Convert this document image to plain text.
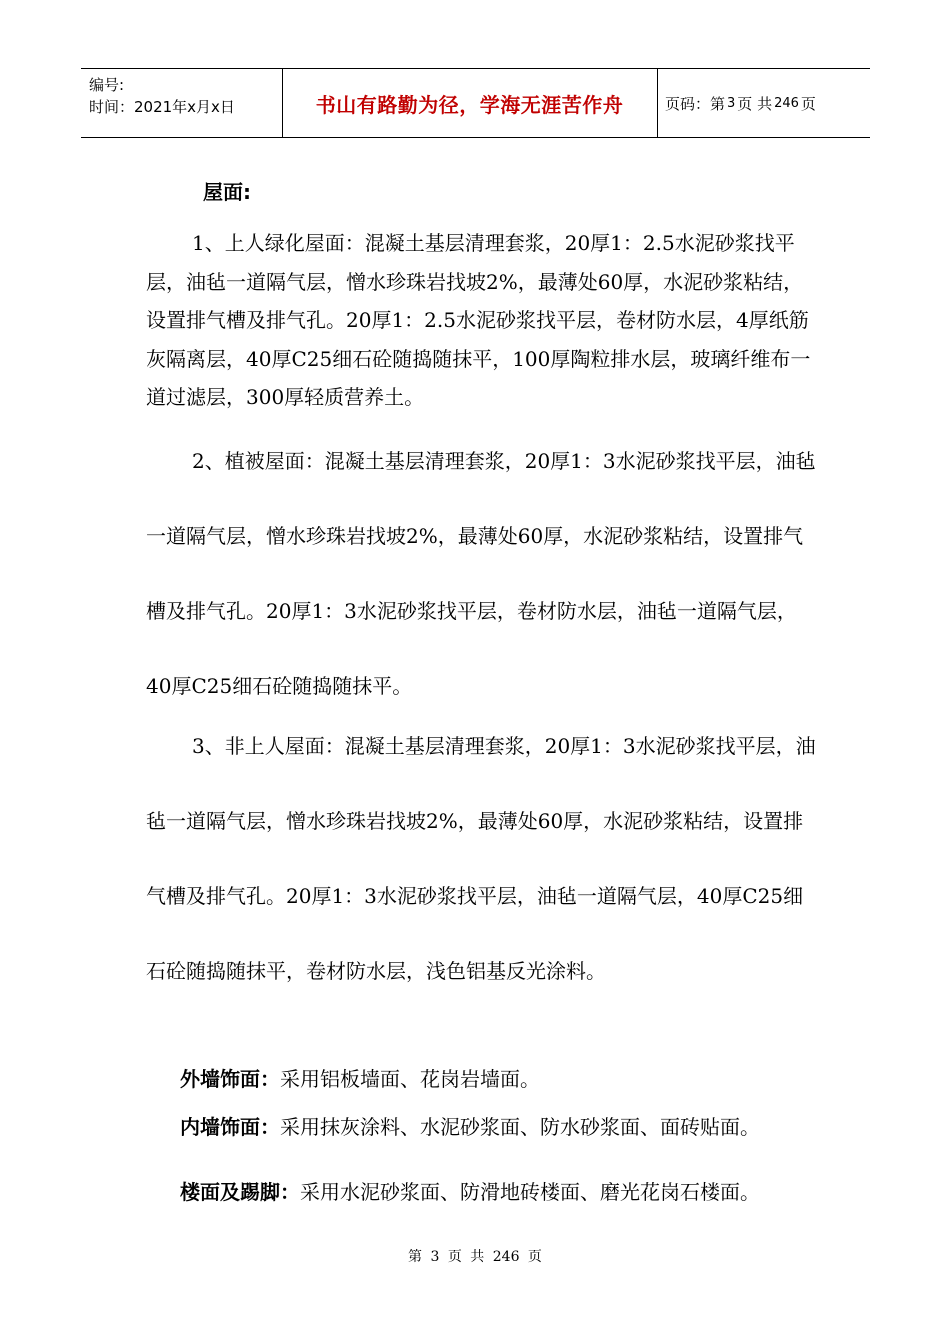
编号:
时间：2021年x月x日	书山有路勤为径，学海无涯苦作舟	页码：第 3 页 共 246 页
屋面:
1、上人绿化屋面：混凝土基层清理套浆，20厚1：2.5水泥砂浆找平层，油毡一道隔气层，憎水珍珠岩找坡2%，最薄处60厚，水泥砂浆粘结，设置排气槽及排气孔。20厚1：2.5水泥砂浆找平层，卷材防水层，4厚纸筋灰隔离层，40厚C25细石砼随捣随抹平，100厚陶粒排水层，玻璃纤维布一道过滤层，300厚轻质营养土。
2、植被屋面：混凝土基层清理套浆，20厚1：3水泥砂浆找平层，油毡一道隔气层，憎水珍珠岩找坡2%，最薄处60厚，水泥砂浆粘结，设置排气槽及排气孔。20厚1：3水泥砂浆找平层，卷材防水层，油毡一道隔气层，40厚C25细石砼随捣随抹平。
3、非上人屋面：混凝土基层清理套浆，20厚1：3水泥砂浆找平层，油毡一道隔气层，憎水珍珠岩找坡2%，最薄处60厚，水泥砂浆粘结，设置排气槽及排气孔。20厚1：3水泥砂浆找平层，油毡一道隔气层，40厚C25细石砼随捣随抹平，卷材防水层，浅色铝基反光涂料。
外墙饰面：采用铝板墙面、花岗岩墙面。
内墙饰面：采用抹灰涂料、水泥砂浆面、防水砂浆面、面砖贴面。
楼面及踢脚：采用水泥砂浆面、防滑地砖楼面、磨光花岗石楼面。
第 3 页 共 246 页
